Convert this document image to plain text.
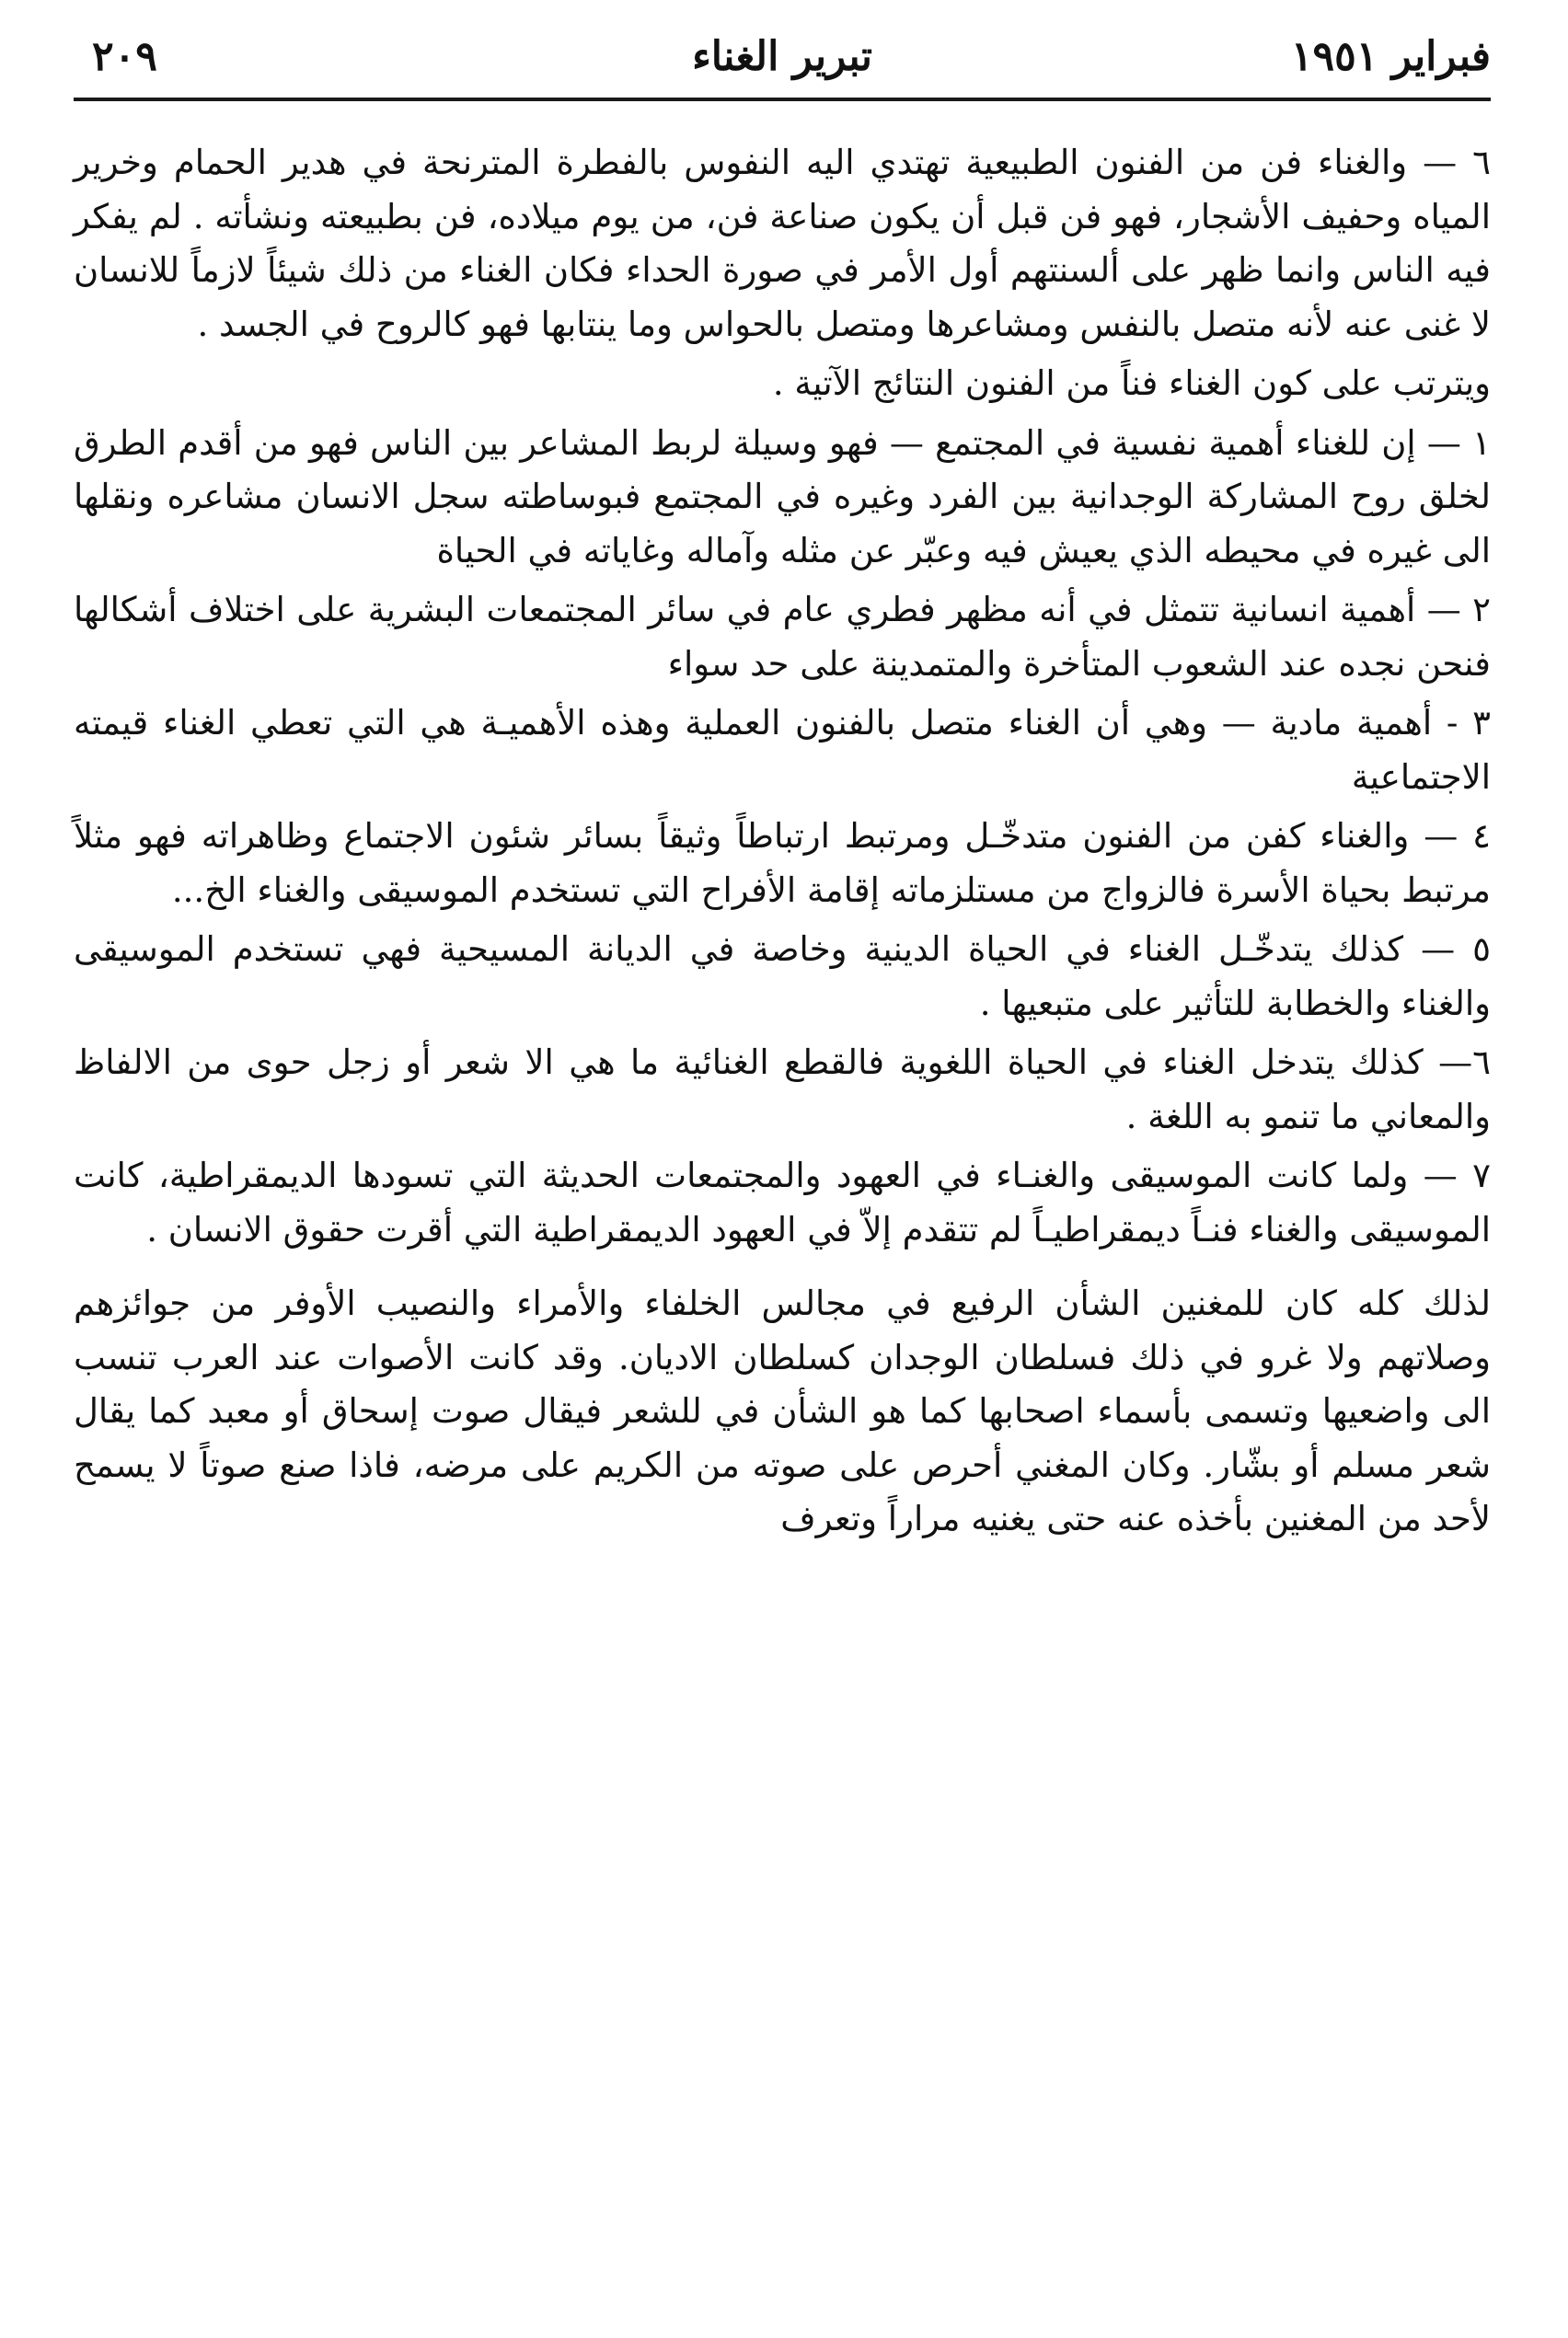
فبراير ١٩٥١
تبرير الغناء
٢٠٩

٦ — والغناء فن من الفنون الطبيعية تهتدي اليه النفوس بالفطرة المترنحة في هدير الحمام وخرير المياه وحفيف الأشجار، فهو فن قبل أن يكون صناعة فن، من يوم ميلاده، فن بطبيعته ونشأته . لم يفكر فيه الناس وانما ظهر على ألسنتهم أول الأمر في صورة الحداء فكان الغناء من ذلك شيئاً لازماً للانسان لا غنى عنه لأنه متصل بالنفس ومشاعرها ومتصل بالحواس وما ينتابها فهو كالروح في الجسد .

ويترتب على كون الغناء فناً من الفنون النتائج الآتية .

١ — إن للغناء أهمية نفسية في المجتمع — فهو وسيلة لربط المشاعر بين الناس فهو من أقدم الطرق لخلق روح المشاركة الوجدانية بين الفرد وغيره في المجتمع فبوساطته سجل الانسان مشاعره ونقلها الى غيره في محيطه الذي يعيش فيه وعبّر عن مثله وآماله وغاياته في الحياة

٢ — أهمية انسانية تتمثل في أنه مظهر فطري عام في سائر المجتمعات البشرية على اختلاف أشكالها فنحن نجده عند الشعوب المتأخرة والمتمدينة على حد سواء

٣ - أهمية مادية — وهي أن الغناء متصل بالفنون العملية وهذه الأهميـة هي التي تعطي الغناء قيمته الاجتماعية

٤ — والغناء كفن من الفنون متدخّـل ومرتبط ارتباطاً وثيقاً بسائر شئون الاجتماع وظاهراته فهو مثلاً مرتبط بحياة الأسرة فالزواج من مستلزماته إقامة الأفراح التي تستخدم الموسيقى والغناء الخ...

٥ — كذلك يتدخّـل الغناء في الحياة الدينية وخاصة في الديانة المسيحية فهي تستخدم الموسيقى والغناء والخطابة للتأثير على متبعيها .

٦— كذلك يتدخل الغناء في الحياة اللغوية فالقطع الغنائية ما هي الا شعر أو زجل حوى من الالفاظ والمعاني ما تنمو به اللغة .

٧ — ولما كانت الموسيقى والغنـاء في العهود والمجتمعات الحديثة التي تسودها الديمقراطية، كانت الموسيقى والغناء فنـاً ديمقراطيـاً لم تتقدم إلاّ في العهود الديمقراطية التي أقرت حقوق الانسان .

لذلك كله كان للمغنين الشأن الرفيع في مجالس الخلفاء والأمراء والنصيب الأوفر من جوائزهم وصلاتهم ولا غرو في ذلك فسلطان الوجدان كسلطان الاديان. وقد كانت الأصوات عند العرب تنسب الى واضعيها وتسمى بأسماء اصحابها كما هو الشأن في للشعر فيقال صوت إسحاق أو معبد كما يقال شعر مسلم أو بشّار. وكان المغني أحرص على صوته من الكريم على مرضه، فاذا صنع صوتاً لا يسمح لأحد من المغنين بأخذه عنه حتى يغنيه مراراً وتعرف
